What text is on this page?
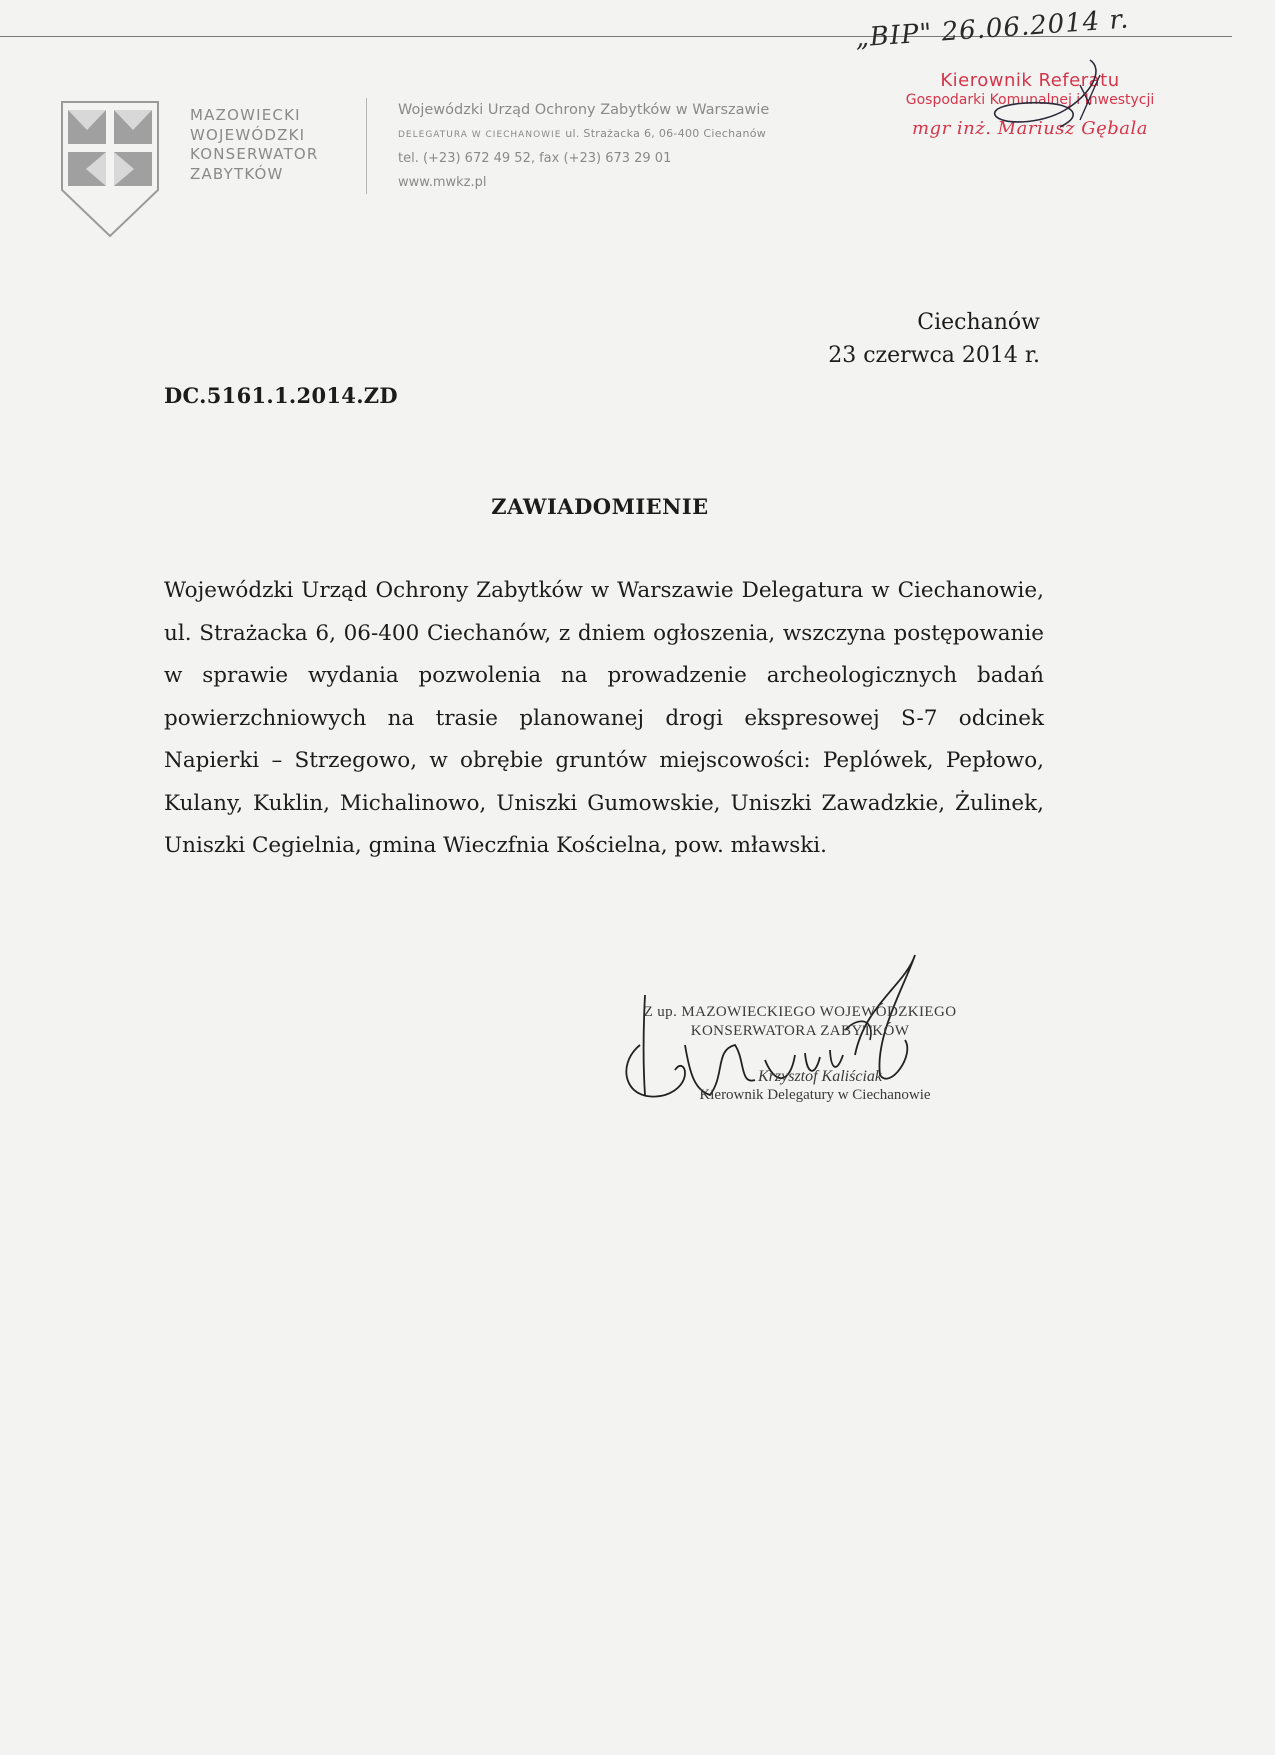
„BIP" 26.06.2014 r.
MAZOWIECKI
WOJEWÓDZKI
KONSERWATOR
ZABYTKÓW
Wojewódzki Urząd Ochrony Zabytków w Warszawie
DELEGATURA W CIECHANOWIE ul. Strażacka 6, 06-400 Ciechanów
tel. (+23) 672 49 52, fax (+23) 673 29 01
www.mwkz.pl
Kierownik Referatu
Gospodarki Komunalnej i Inwestycji
mgr inż. Mariusz Gębala
Ciechanów
23 czerwca 2014 r.
DC.5161.1.2014.ZD
ZAWIADOMIENIE

Wojewódzki Urząd Ochrony Zabytków w Warszawie Delegatura w Ciechanowie, ul. Strażacka 6, 06-400 Ciechanów, z dniem ogłoszenia, wszczyna postępowanie w sprawie wydania pozwolenia na prowadzenie archeologicznych badań powierzchniowych na trasie planowanej drogi ekspresowej S-7 odcinek Napierki – Strzegowo, w obrębie gruntów miejscowości: Peplówek, Pepłowo, Kulany, Kuklin, Michalinowo, Uniszki Gumowskie, Uniszki Zawadzkie, Żulinek, Uniszki Cegielnia, gmina Wieczfnia Kościelna, pow. mławski.

Z up. MAZOWIECKIEGO WOJEWÓDZKIEGO
KONSERWATORA ZABYTKÓW
Krzysztof Kaliściak
Kierownik Delegatury w Ciechanowie
